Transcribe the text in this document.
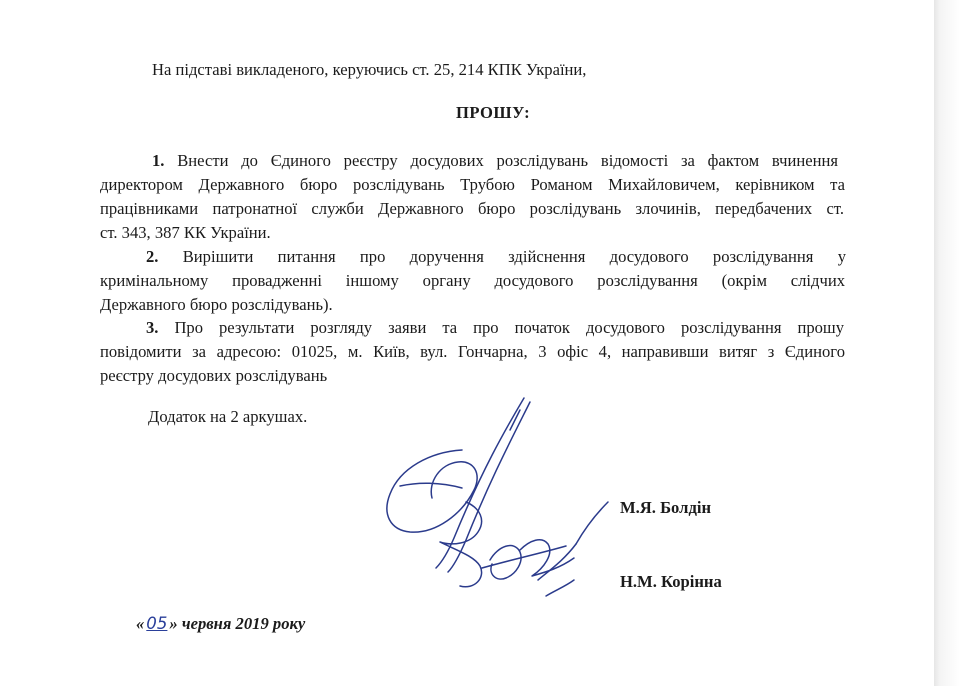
На підставі викладеного, керуючись ст. 25, 214 КПК України,
ПРОШУ:
1. Внести до Єдиного реєстру досудових розслідувань відомості за фактом вчинення
директором Державного бюро розслідувань Трубою Романом Михайловичем, керівником та
працівниками патронатної служби Державного бюро розслідувань злочинів, передбачених ст.
ст. 343, 387 КК України.
2. Вирішити питання про доручення здійснення досудового розслідування у
кримінальному провадженні іншому органу досудового розслідування (окрім слідчих
Державного бюро розслідувань).
3. Про результати розгляду заяви та про початок досудового розслідування прошу
повідомити за адресою: 01025, м. Київ, вул. Гончарна, 3 офіс 4, направивши витяг з Єдиного
реєстру досудових розслідувань
Додаток на 2 аркушах.
М.Я. Болдін
Н.М. Корінна
« 05 » червня 2019 року
